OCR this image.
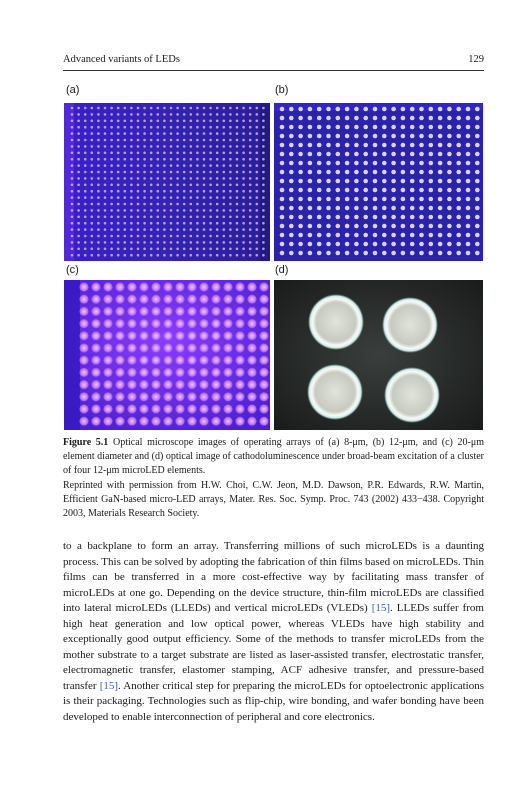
Advanced variants of LEDs	129
(a)	(b)
(c)	(d)

Figure 5.1 Optical microscope images of operating arrays of (a) 8-μm, (b) 12-μm, and (c) 20-μm element diameter and (d) optical image of cathodoluminescence under broad-beam excitation of a cluster of four 12-μm microLED elements.

Reprinted with permission from H.W. Choi, C.W. Jeon, M.D. Dawson, P.R. Edwards, R.W. Martin, Efficient GaN-based micro-LED arrays, Mater. Res. Soc. Symp. Proc. 743 (2002) 433−438. Copyright 2003, Materials Research Society.

to a backplane to form an array. Transferring millions of such microLEDs is a daunting process. This can be solved by adopting the fabrication of thin films based on microLEDs. Thin films can be transferred in a more cost-effective way by facilitating mass transfer of microLEDs at one go. Depending on the device structure, thin-film microLEDs are classified into lateral microLEDs (LLEDs) and vertical microLEDs (VLEDs) [15]. LLEDs suffer from high heat generation and low optical power, whereas VLEDs have high stability and exceptionally good output efficiency. Some of the methods to transfer microLEDs from the mother substrate to a target substrate are listed as laser-assisted transfer, electrostatic transfer, electromagnetic transfer, elastomer stamping, ACF adhesive transfer, and pressure-based transfer [15]. Another critical step for preparing the microLEDs for optoelectronic applications is their packaging. Technologies such as flip-chip, wire bonding, and wafer bonding have been developed to enable interconnection of peripheral and core electronics.
